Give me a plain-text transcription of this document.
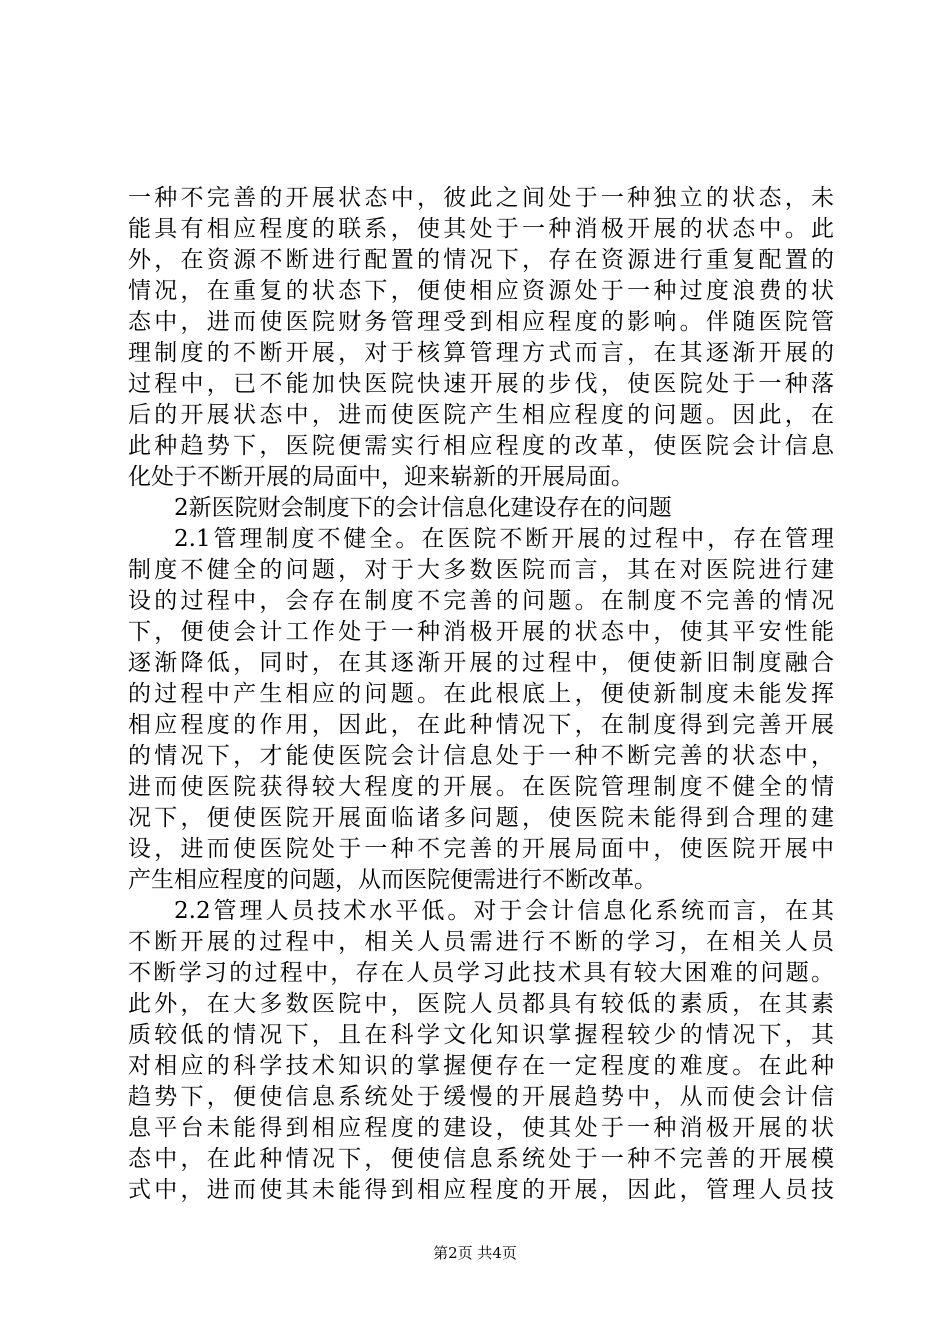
一种不完善的开展状态中，彼此之间处于一种独立的状态，未
能具有相应程度的联系，使其处于一种消极开展的状态中。此
外，在资源不断进行配置的情况下，存在资源进行重复配置的
情况，在重复的状态下，便使相应资源处于一种过度浪费的状
态中，进而使医院财务管理受到相应程度的影响。伴随医院管
理制度的不断开展，对于核算管理方式而言，在其逐渐开展的
过程中，已不能加快医院快速开展的步伐，使医院处于一种落
后的开展状态中，进而使医院产生相应程度的问题。因此，在
此种趋势下，医院便需实行相应程度的改革，使医院会计信息
化处于不断开展的局面中，迎来崭新的开展局面。
2新医院财会制度下的会计信息化建设存在的问题
2.1管理制度不健全。在医院不断开展的过程中，存在管理
制度不健全的问题，对于大多数医院而言，其在对医院进行建
设的过程中，会存在制度不完善的问题。在制度不完善的情况
下，便使会计工作处于一种消极开展的状态中，使其平安性能
逐渐降低，同时，在其逐渐开展的过程中，便使新旧制度融合
的过程中产生相应的问题。在此根底上，便使新制度未能发挥
相应程度的作用，因此，在此种情况下，在制度得到完善开展
的情况下，才能使医院会计信息处于一种不断完善的状态中，
进而使医院获得较大程度的开展。在医院管理制度不健全的情
况下，便使医院开展面临诸多问题，使医院未能得到合理的建
设，进而使医院处于一种不完善的开展局面中，使医院开展中
产生相应程度的问题，从而医院便需进行不断改革。
2.2管理人员技术水平低。对于会计信息化系统而言，在其
不断开展的过程中，相关人员需进行不断的学习，在相关人员
不断学习的过程中，存在人员学习此技术具有较大困难的问题。
此外，在大多数医院中，医院人员都具有较低的素质，在其素
质较低的情况下，且在科学文化知识掌握程较少的情况下，其
对相应的科学技术知识的掌握便存在一定程度的难度。在此种
趋势下，便使信息系统处于缓慢的开展趋势中，从而使会计信
息平台未能得到相应程度的建设，使其处于一种消极开展的状
态中，在此种情况下，便使信息系统处于一种不完善的开展模
式中，进而使其未能得到相应程度的开展，因此，管理人员技
第2页 共4页
